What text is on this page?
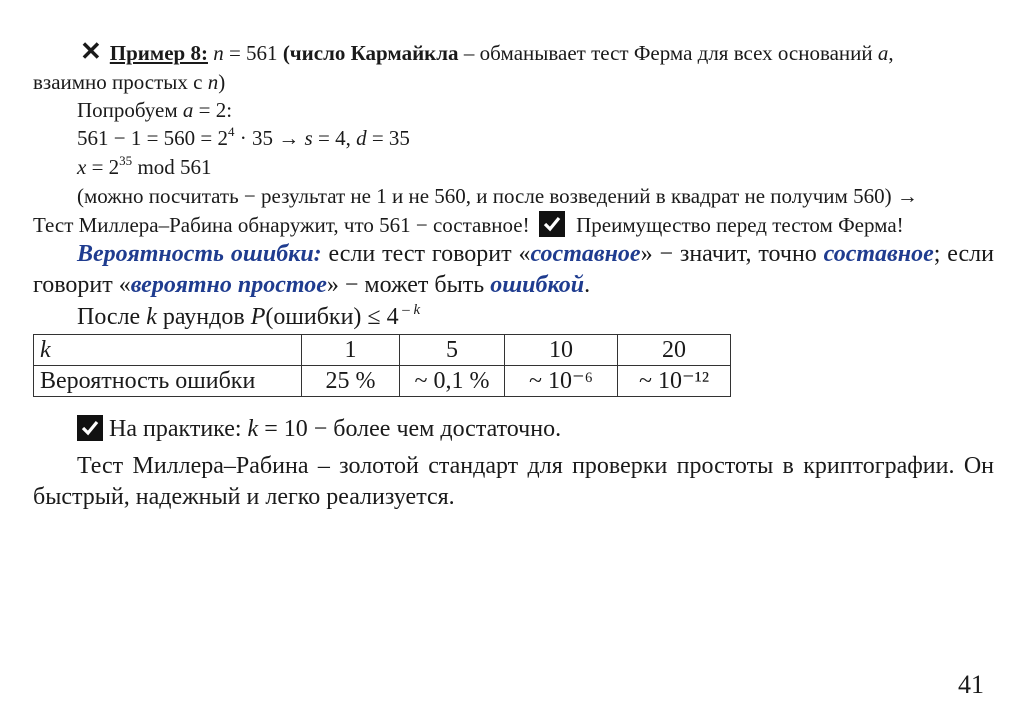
✕ Пример 8: n = 561 (число Кармайкла – обманывает тест Ферма для всех оснований a,
взаимно простых с n)
Попробуем a = 2:
$561 - 1 = 560 = 2^4 \cdot 35 \to s = 4$, d = 35
$x = 2^{35}$ mod 561
(можно посчитать − результат не 1 и не 560, и после возведений в квадрат не получим 560) →
Тест Миллера–Рабина обнаружит, что 561 − составное! Преимущество перед тестом Ферма!
Вероятность ошибки: если тест говорит «составное» − значит, точно составное; если говорит «вероятно простое» − может быть ошибкой.
После k раундов P(ошибки) ≤ 4 $^{- k}$
k	1	5	10	20
Вероятность ошибки	25 %	~ 0,1 %	~ 10⁻⁶	~ 10⁻¹²
На практике: k = 10 − более чем достаточно.
Тест Миллера–Рабина – золотой стандарт для проверки простоты в криптографии. Он быстрый, надежный и легко реализуется.
41
